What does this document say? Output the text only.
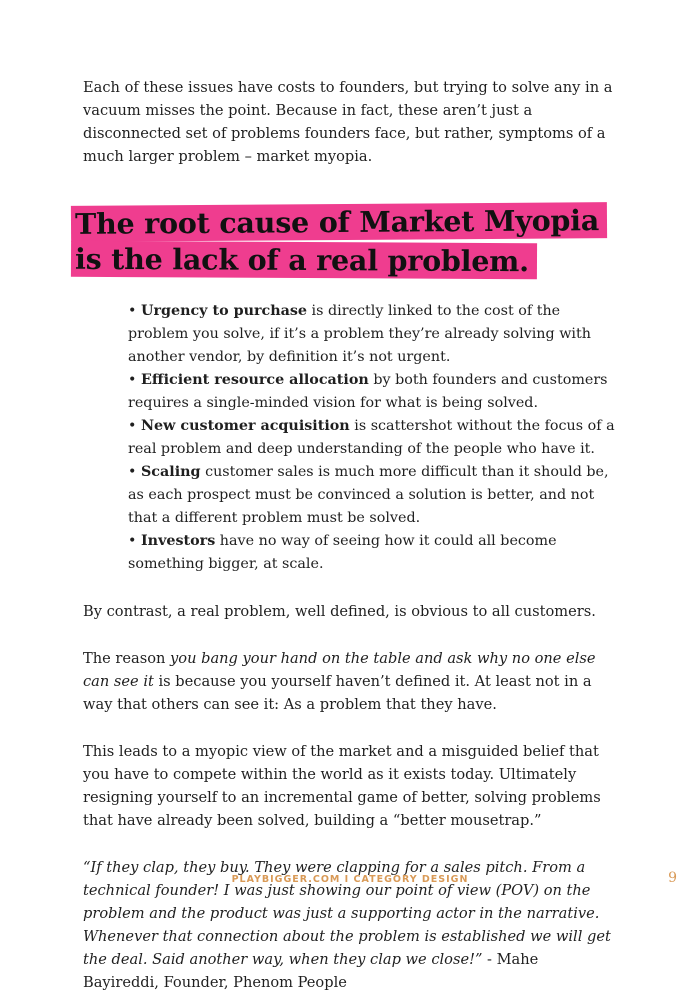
Each of these issues have costs to founders, but trying to solve any in a vacuum misses the point. Because in fact, these aren’t just a disconnected set of problems founders face, but rather, symptoms of a much larger problem – market myopia.

The root cause of Market Myopia
is the lack of a real problem.
• Urgency to purchase is directly linked to the cost of the problem you solve, if it’s a problem they’re already solving with another vendor, by definition it’s not urgent.
• Efficient resource allocation by both founders and customers requires a single-minded vision for what is being solved.
• New customer acquisition is scattershot without the focus of a real problem and deep understanding of the people who have it.
• Scaling customer sales is much more difficult than it should be, as each prospect must be convinced a solution is better, and not that a different problem must be solved.
• Investors have no way of seeing how it could all become something bigger, at scale.

By contrast, a real problem, well defined, is obvious to all customers.

The reason you bang your hand on the table and ask why no one else can see it is because you yourself haven’t defined it. At least not in a way that others can see it: As a problem that they have.

This leads to a myopic view of the market and a misguided belief that you have to compete within the world as it exists today. Ultimately resigning yourself to an incremental game of better, solving problems that have already been solved, building a “better mousetrap.”

“If they clap, they buy. They were clapping for a sales pitch. From a technical founder! I was just showing our point of view (POV) on the problem and the product was just a supporting actor in the narrative. Whenever that connection about the problem is established we will get the deal. Said another way, when they clap we close!” - Mahe Bayireddi, Founder, Phenom People

PLAYBIGGER.COM I CATEGORY DESIGN	9
